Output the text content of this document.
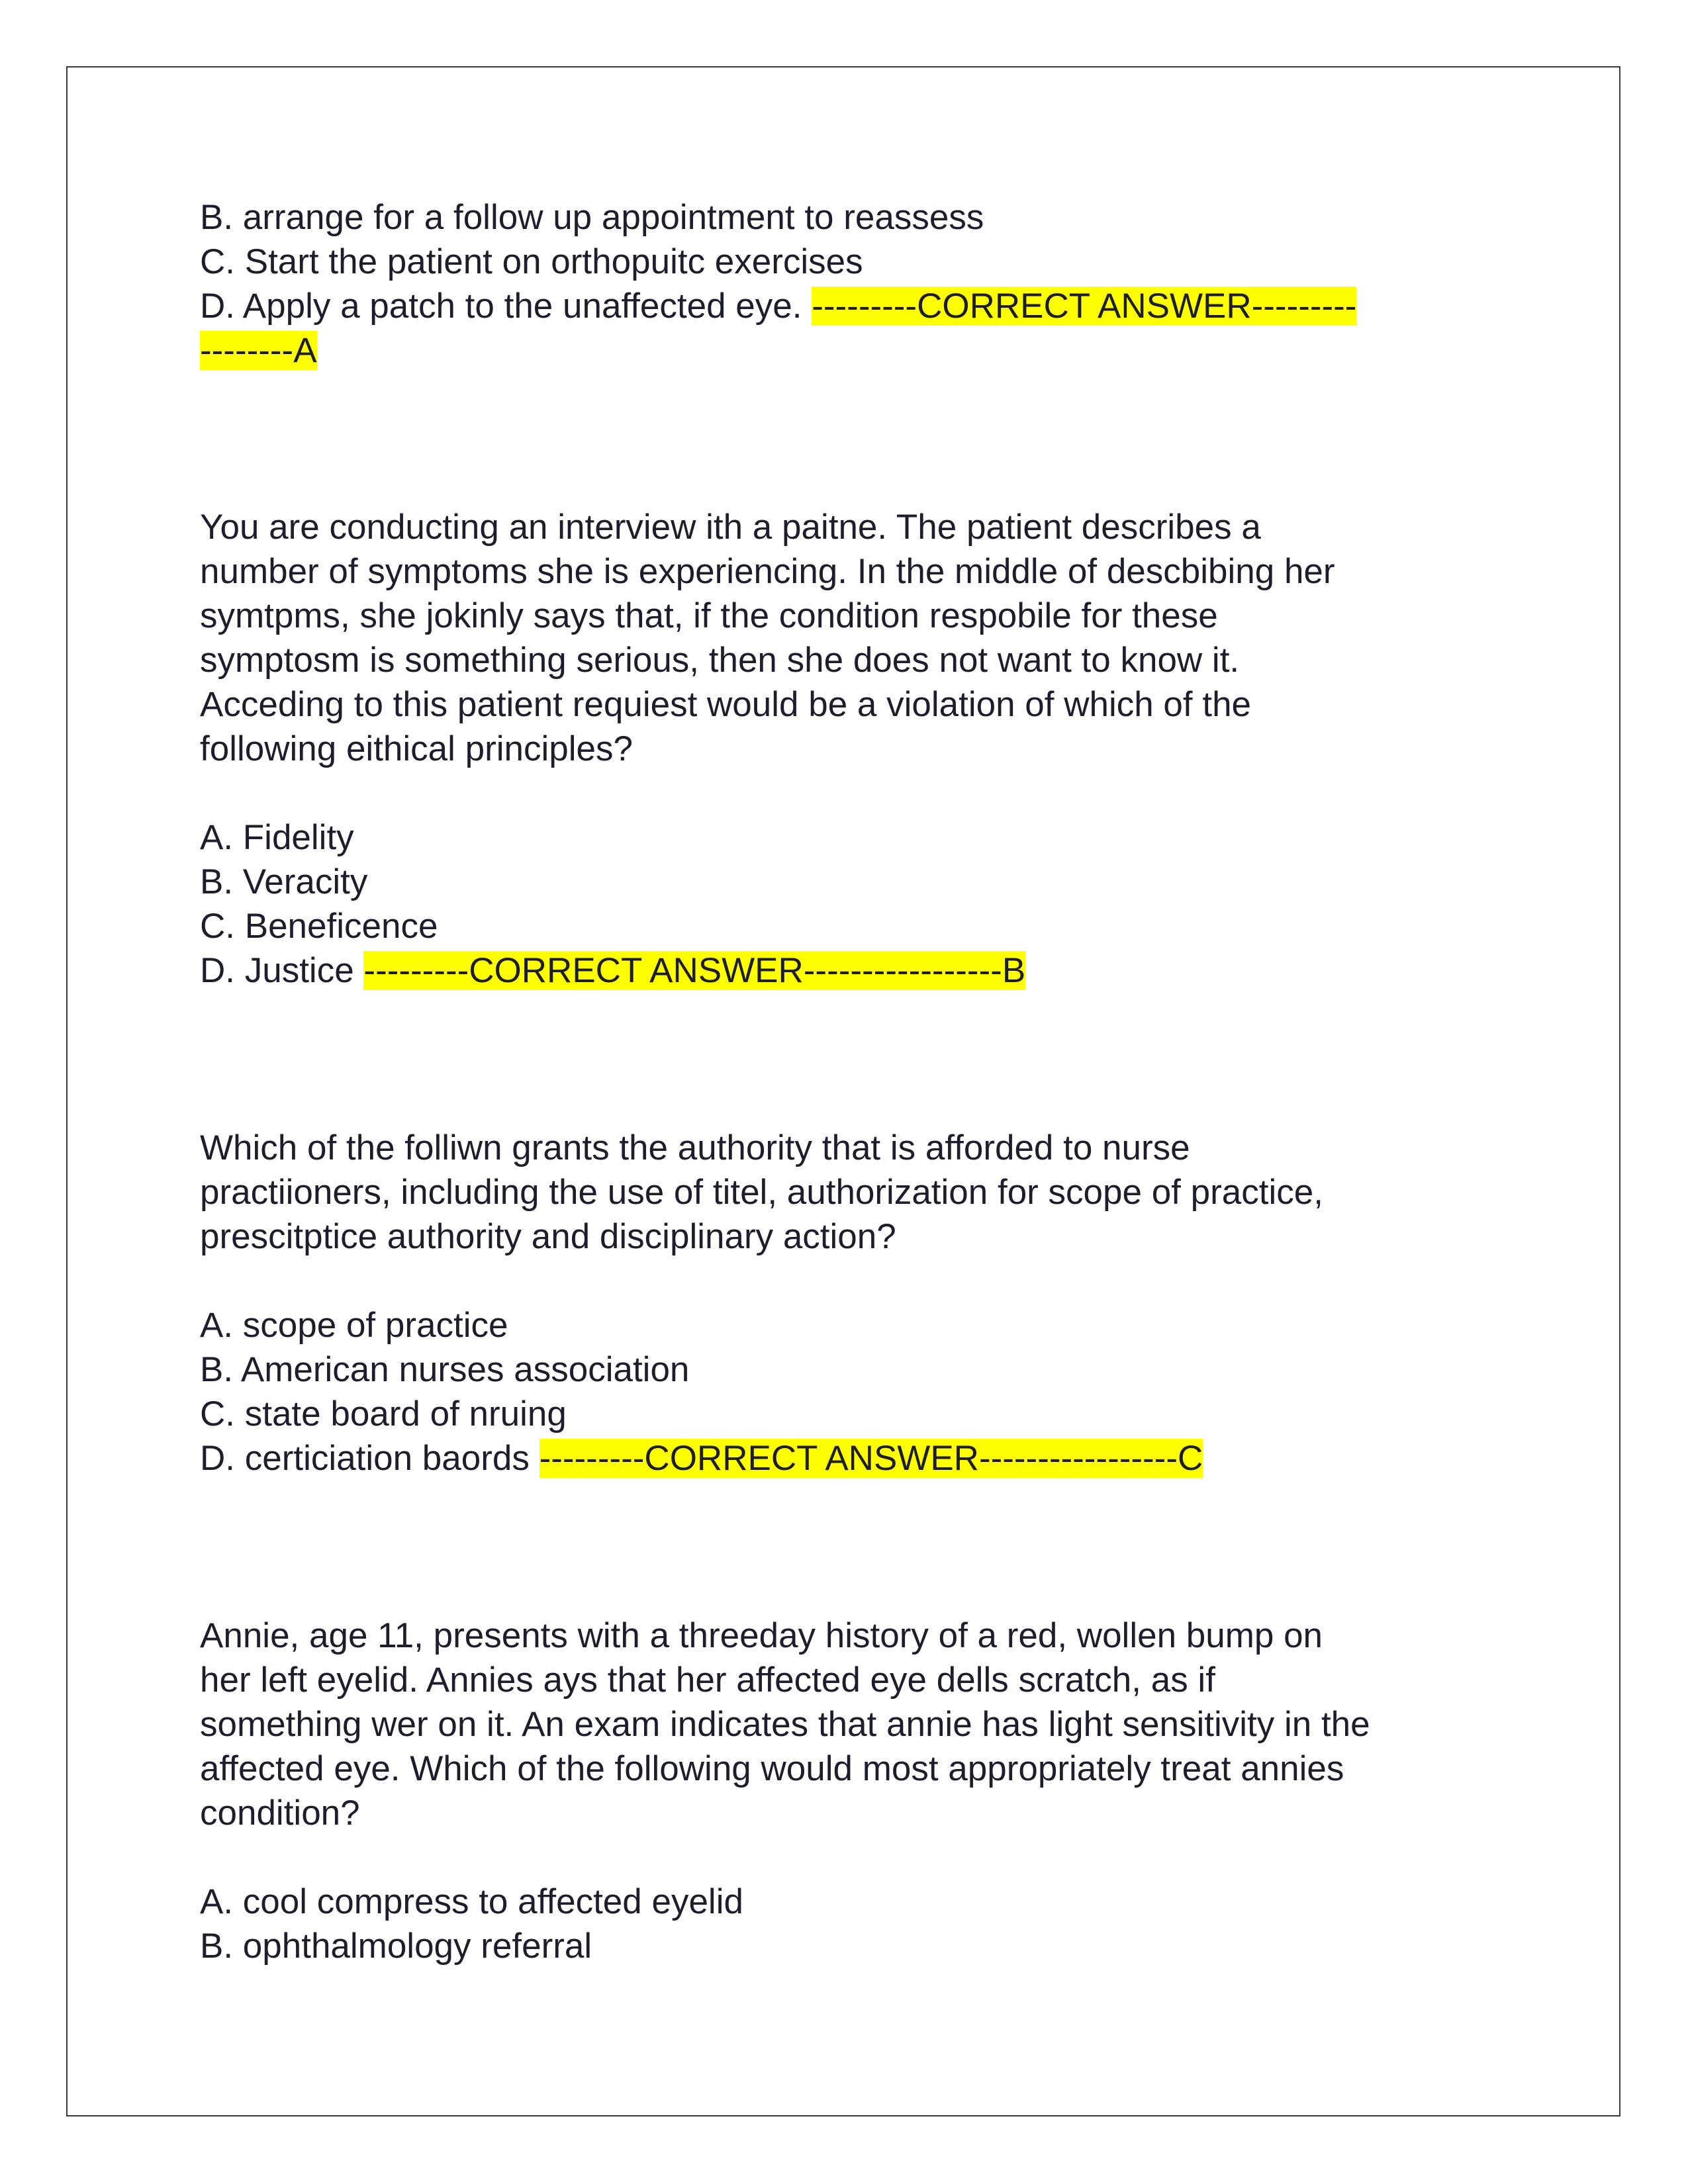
B. arrange for a follow up appointment to reassess
C. Start the patient on orthopuitc exercises
D. Apply a patch to the unaffected eye. ---------CORRECT ANSWER---------
--------A
You are conducting an interview ith a paitne. The patient describes a
number of symptoms she is experiencing. In the middle of descbibing her
symtpms, she jokinly says that, if the condition respobile for these
symptosm is something serious, then she does not want to know it.
Acceding to this patient requiest would be a violation of which of the
following eithical principles?
A. Fidelity
B. Veracity
C. Beneficence
D. Justice ---------CORRECT ANSWER-----------------B
Which of the folliwn grants the authority that is afforded to nurse
practiioners, including the use of titel, authorization for scope of practice,
prescitptice authority and disciplinary action?
A. scope of practice
B. American nurses association
C. state board of nruing
D. certiciation baords ---------CORRECT ANSWER-----------------C
Annie, age 11, presents with a threeday history of a red, wollen bump on
her left eyelid. Annies ays that her affected eye dells scratch, as if
something wer on it. An exam indicates that annie has light sensitivity in the
affected eye. Which of the following would most appropriately treat annies
condition?
A. cool compress to affected eyelid
B. ophthalmology referral
